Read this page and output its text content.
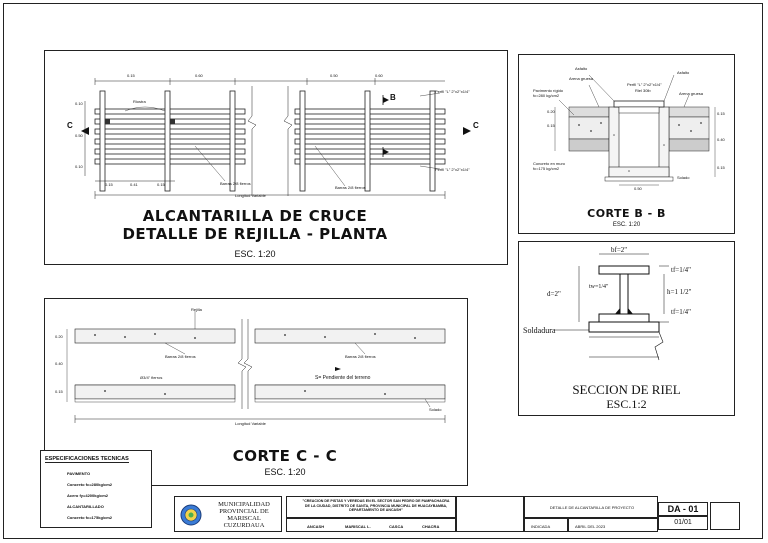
0.15	0.60	0.50	0.60
0.15	0.41	0.15
0.10
0.50
0.10
Riostra
Perfil "L" 2"x2"x1/4"
Perfil "L" 2"x2"x1/4"
Barras 2/8 fierros
Barras 2/8 fierros
Longitud Variable
B
C	C
ALCANTARILLA DE CRUCE
DETALLE DE REJILLA - PLANTA
ESC. 1:20
Asfalto
Arena gruesa
Pavimento rígido
fc=280 kg/cm2
Asfalto
Perfil "L" 2"x2"x1/4"
Riel 30lb
Arena gruesa
Concreto en muro
fc=175 kg/cm2
Solado
0.20
0.15
0.40
0.15
0.50
0.15
CORTE B - B
ESC. 1:20
bf=2"
tf=1/4"
tw=1/4"
d=2"	h=1 1/2"
tf=1/4"
Soldadura
SECCION DE RIEL
ESC.1:2
Rejilla
Barras 2/8 fierros	Barras 2/8 fierros
Ø3/4" fierros	S= Pendiente del terreno
Solado
Longitud Variable
0.20
0.40
0.15
CORTE C - C
ESC. 1:20
ESPECIFICACIONES TECNICAS
PAVIMENTO
Concreto fc=280kg/cm2
Acero fy=4200kg/cm2
ALCANTARILLADO
Concreto fc=175kg/cm2
MUNICIPALIDAD
PROVINCIAL DE
MARISCAL
CUZURDAUA
"CREACION DE PISTAS Y VEREDAS EN EL SECTOR SAN PEDRO DE PAMPACHACRA DE LA CIUDAD, DISTRITO DE SANTA, PROVINCIA MUNICIPAL DE HUACAYBAMBA, DEPARTAMENTO DE ANCASH"
ANCASH	MARISCAL L.	CASCA	CHACRA
DETALLE DE ALCANTARILLA DE PROYECTO
INDICADA	ABRIL DEL 2023
DA - 01
01/01
